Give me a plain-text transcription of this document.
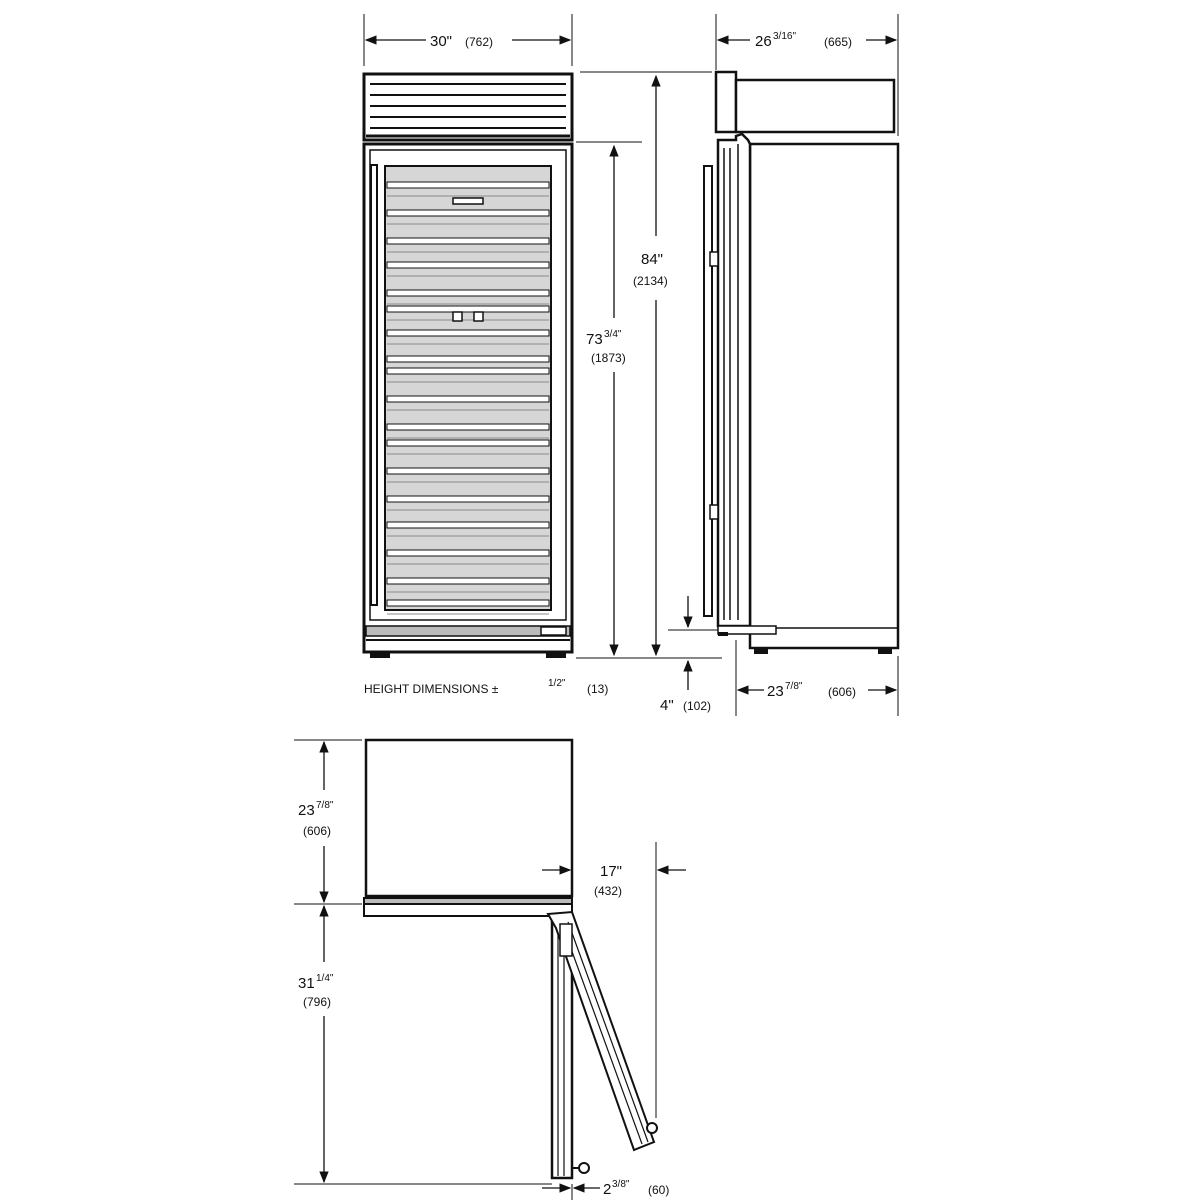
30" (762)
84"
(2134)
73 3/4"
(1873)
4" (102)
HEIGHT DIMENSIONS ±	1/2" (13)
26 3/16" (665)
23 7/8" (606)
23 7/8"
(606)
31 1/4"
(796)
17"
(432)
2 3/8" (60)
